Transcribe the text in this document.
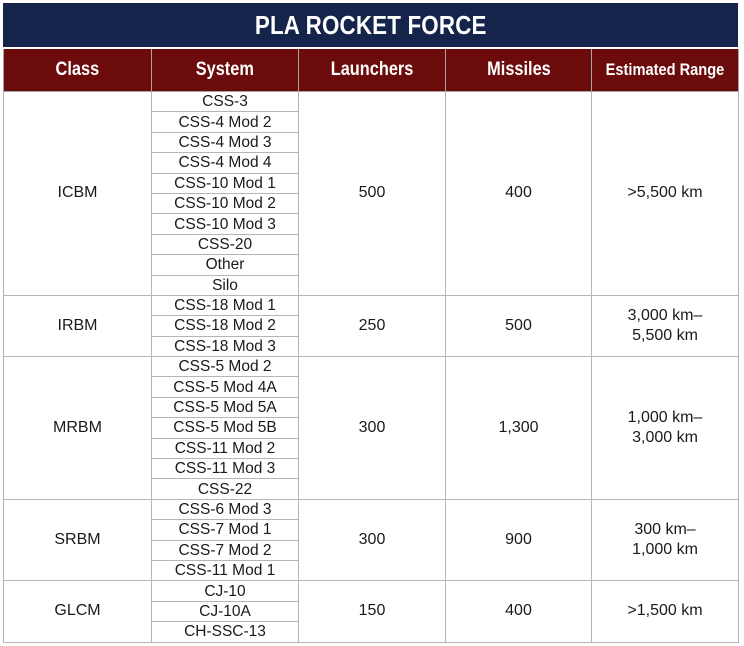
PLA ROCKET FORCE
Class	System	Launchers	Missiles	Estimated Range
ICBM	CSS-3	500	400	>5,500 km

	CSS-4 Mod 2			
	CSS-4 Mod 3			
	CSS-4 Mod 4			
	CSS-10 Mod 1			
	CSS-10 Mod 2			
	CSS-10 Mod 3			
	CSS-20			
	Other			
	Silo			
IRBM	CSS-18 Mod 1	250	500	3,000 km–
5,500 km

	CSS-18 Mod 2			
	CSS-18 Mod 3			
MRBM	CSS-5 Mod 2	300	1,300	1,000 km–
3,000 km

	CSS-5 Mod 4A			
	CSS-5 Mod 5A			
	CSS-5 Mod 5B			
	CSS-11 Mod 2			
	CSS-11 Mod 3			
	CSS-22			
SRBM	CSS-6 Mod 3	300	900	300 km–
1,000 km

	CSS-7 Mod 1			
	CSS-7 Mod 2			
	CSS-11 Mod 1			
GLCM	CJ-10	150	400	>1,500 km

	CJ-10A			
	CH-SSC-13			
